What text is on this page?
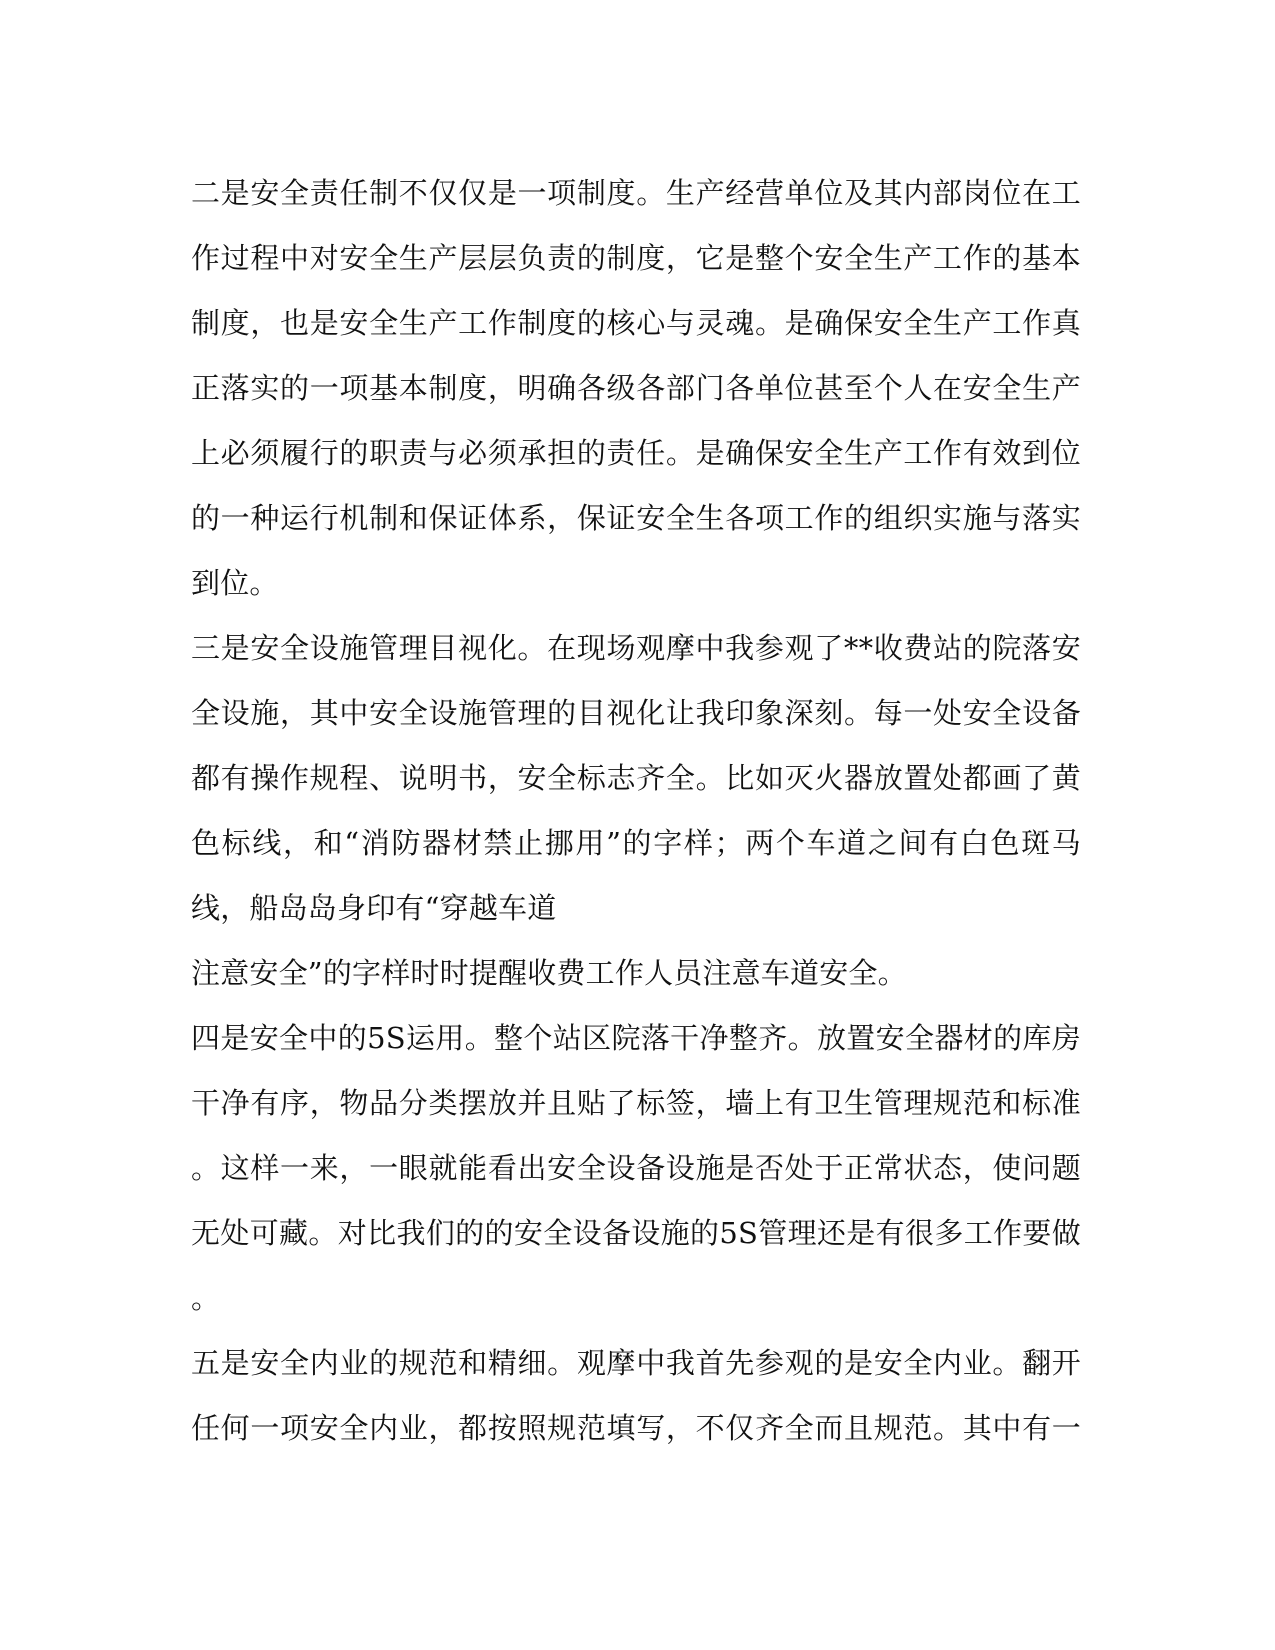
二是安全责任制不仅仅是一项制度。生产经营单位及其内部岗位在工
作过程中对安全生产层层负责的制度，它是整个安全生产工作的基本
制度，也是安全生产工作制度的核心与灵魂。是确保安全生产工作真
正落实的一项基本制度，明确各级各部门各单位甚至个人在安全生产
上必须履行的职责与必须承担的责任。是确保安全生产工作有效到位
的一种运行机制和保证体系，保证安全生各项工作的组织实施与落实
到位。
三是安全设施管理目视化。在现场观摩中我参观了**收费站的院落安
全设施，其中安全设施管理的目视化让我印象深刻。每一处安全设备
都有操作规程、说明书，安全标志齐全。比如灭火器放置处都画了黄
色标线，和“消防器材禁止挪用”的字样；两个车道之间有白色斑马
线，船岛岛身印有“穿越车道
注意安全”的字样时时提醒收费工作人员注意车道安全。
四是安全中的5S运用。整个站区院落干净整齐。放置安全器材的库房
干净有序，物品分类摆放并且贴了标签，墙上有卫生管理规范和标准
。这样一来，一眼就能看出安全设备设施是否处于正常状态，使问题
无处可藏。对比我们的的安全设备设施的5S管理还是有很多工作要做
。
五是安全内业的规范和精细。观摩中我首先参观的是安全内业。翻开
任何一项安全内业，都按照规范填写，不仅齐全而且规范。其中有一
